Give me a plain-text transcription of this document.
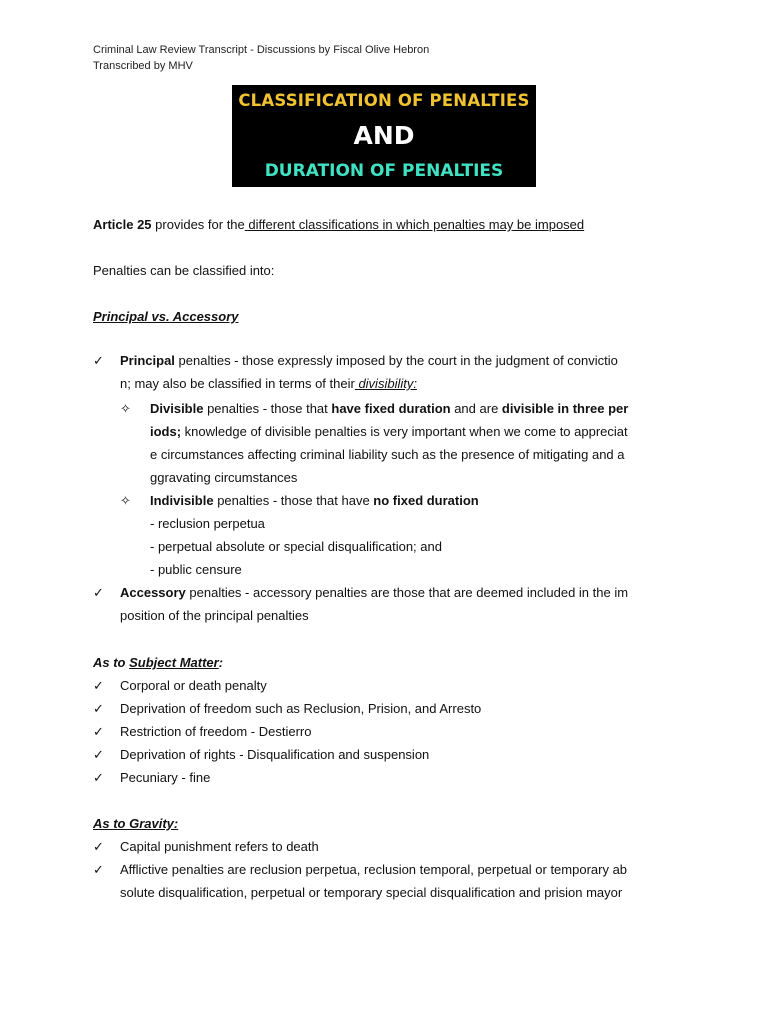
Criminal Law Review Transcript - Discussions by Fiscal Olive Hebron
Transcribed by MHV
CLASSIFICATION OF PENALTIES
AND
DURATION OF PENALTIES
Article 25 provides for the different classifications in which penalties may be imposed
Penalties can be classified into:
Principal vs. Accessory
✓ Principal penalties - those expressly imposed by the court in the judgment of convictio
n; may also be classified in terms of their divisibility:
✧ Divisible penalties - those that have fixed duration and are divisible in three per
iods; knowledge of divisible penalties is very important when we come to appreciat
e circumstances affecting criminal liability such as the presence of mitigating and a
ggravating circumstances
✧ Indivisible penalties - those that have no fixed duration
- reclusion perpetua
- perpetual absolute or special disqualification; and
- public censure
✓ Accessory penalties - accessory penalties are those that are deemed included in the im
position of the principal penalties
As to Subject Matter:
✓ Corporal or death penalty
✓ Deprivation of freedom such as Reclusion, Prision, and Arresto
✓ Restriction of freedom - Destierro
✓ Deprivation of rights - Disqualification and suspension
✓ Pecuniary - fine
As to Gravity:
✓ Capital punishment refers to death
✓ Afflictive penalties are reclusion perpetua, reclusion temporal, perpetual or temporary ab
solute disqualification, perpetual or temporary special disqualification and prision mayor
